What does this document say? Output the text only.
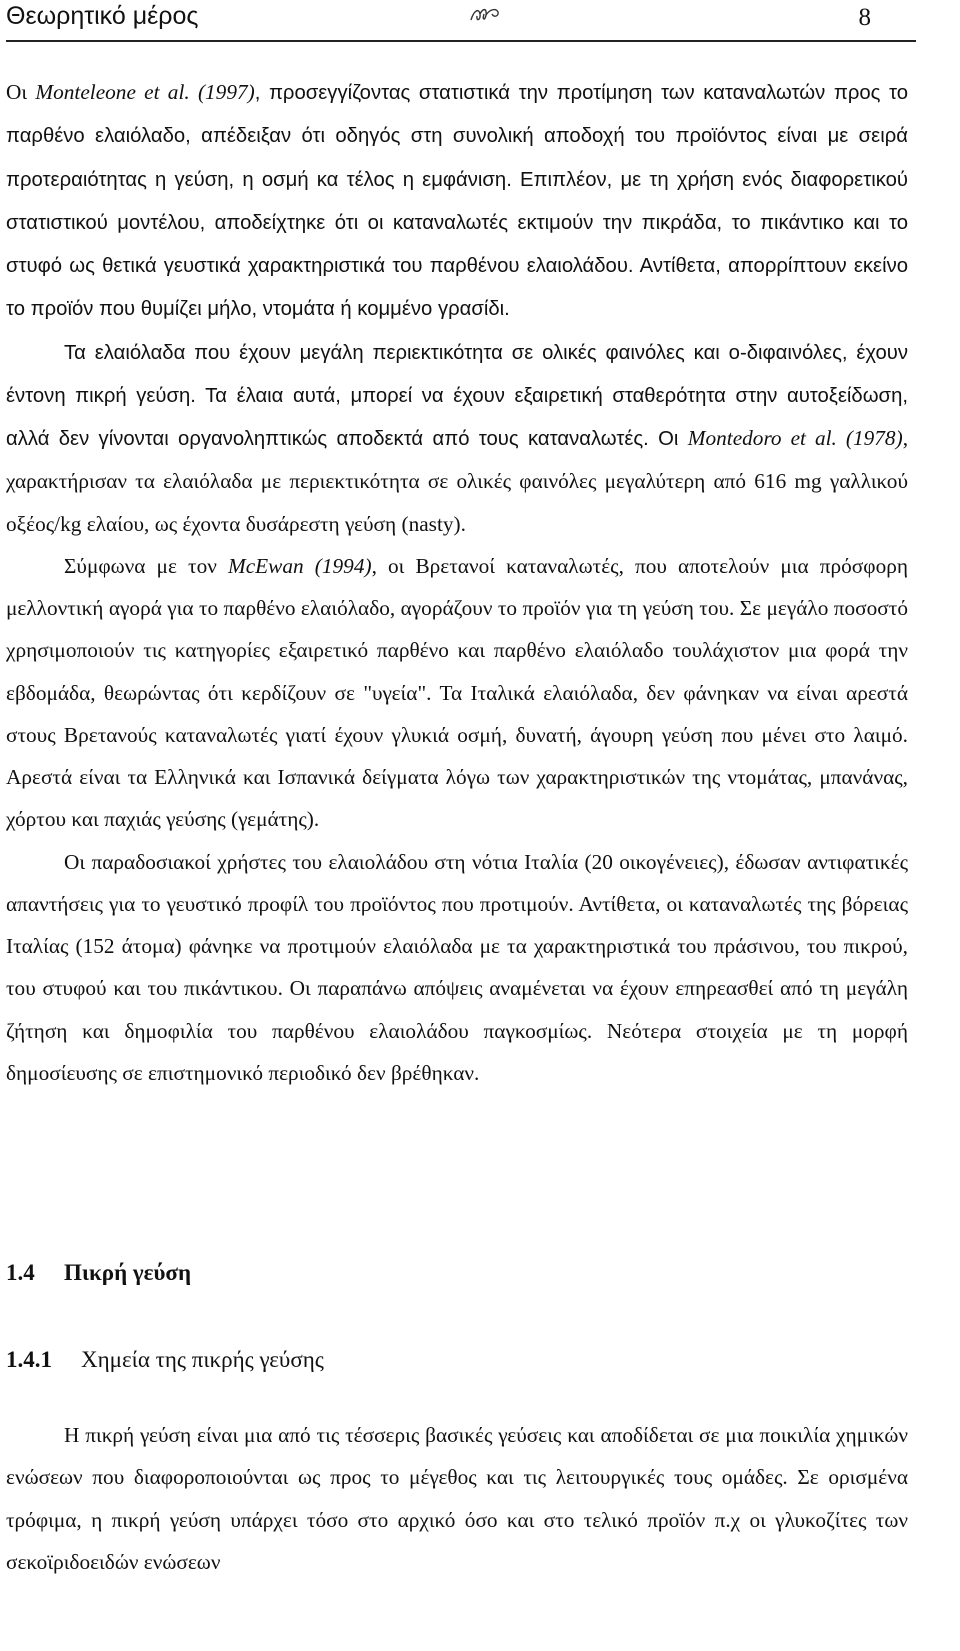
Θεωρητικό μέρος	8

Οι Monteleone et al. (1997), προσεγγίζοντας στατιστικά την προτίμηση των καταναλωτών προς το παρθένο ελαιόλαδο, απέδειξαν ότι οδηγός στη συνολική αποδοχή του προϊόντος είναι με σειρά προτεραιότητας η γεύση, η οσμή κα τέλος η εμφάνιση. Επιπλέον, με τη χρήση ενός διαφορετικού στατιστικού μοντέλου, αποδείχτηκε ότι οι καταναλωτές εκτιμούν την πικράδα, το πικάντικο και το στυφό ως θετικά γευστικά χαρακτηριστικά του παρθένου ελαιολάδου. Αντίθετα, απορρίπτουν εκείνο το προϊόν που θυμίζει μήλο, ντομάτα ή κομμένο γρασίδι.

Τα ελαιόλαδα που έχουν μεγάλη περιεκτικότητα σε ολικές φαινόλες και ο-διφαινόλες, έχουν έντονη πικρή γεύση. Τα έλαια αυτά, μπορεί να έχουν εξαιρετική σταθερότητα στην αυτοξείδωση, αλλά δεν γίνονται οργανοληπτικώς αποδεκτά από τους καταναλωτές. Οι Montedoro et al. (1978), χαρακτήρισαν τα ελαιόλαδα με περιεκτικότητα σε ολικές φαινόλες μεγαλύτερη από 616 mg γαλλικού οξέος/kg ελαίου, ως έχοντα δυσάρεστη γεύση (nasty).

Σύμφωνα με τον McEwan (1994), οι Βρετανοί καταναλωτές, που αποτελούν μια πρόσφορη μελλοντική αγορά για το παρθένο ελαιόλαδο, αγοράζουν το προϊόν για τη γεύση του. Σε μεγάλο ποσοστό χρησιμοποιούν τις κατηγορίες εξαιρετικό παρθένο και παρθένο ελαιόλαδο τουλάχιστον μια φορά την εβδομάδα, θεωρώντας ότι κερδίζουν σε "υγεία". Τα Ιταλικά ελαιόλαδα, δεν φάνηκαν να είναι αρεστά στους Βρετανούς καταναλωτές γιατί έχουν γλυκιά οσμή, δυνατή, άγουρη γεύση που μένει στο λαιμό. Αρεστά είναι τα Ελληνικά και Ισπανικά δείγματα λόγω των χαρακτηριστικών της ντομάτας, μπανάνας, χόρτου και παχιάς γεύσης (γεμάτης).

Οι παραδοσιακοί χρήστες του ελαιολάδου στη νότια Ιταλία (20 οικογένειες), έδωσαν αντιφατικές απαντήσεις για το γευστικό προφίλ του προϊόντος που προτιμούν. Αντίθετα, οι καταναλωτές της βόρειας Ιταλίας (152 άτομα) φάνηκε να προτιμούν ελαιόλαδα με τα χαρακτηριστικά του πράσινου, του πικρού, του στυφού και του πικάντικου. Οι παραπάνω απόψεις αναμένεται να έχουν επηρεασθεί από τη μεγάλη ζήτηση και δημοφιλία του παρθένου ελαιολάδου παγκοσμίως. Νεότερα στοιχεία με τη μορφή δημοσίευσης σε επιστημονικό περιοδικό δεν βρέθηκαν.

1.4 Πικρή γεύση
1.4.1 Χημεία της πικρής γεύσης

Η πικρή γεύση είναι μια από τις τέσσερις βασικές γεύσεις και αποδίδεται σε μια ποικιλία χημικών ενώσεων που διαφοροποιούνται ως προς το μέγεθος και τις λειτουργικές τους ομάδες. Σε ορισμένα τρόφιμα, η πικρή γεύση υπάρχει τόσο στο αρχικό όσο και στο τελικό προϊόν π.χ οι γλυκοζίτες των σεκοϊριδοειδών ενώσεων
